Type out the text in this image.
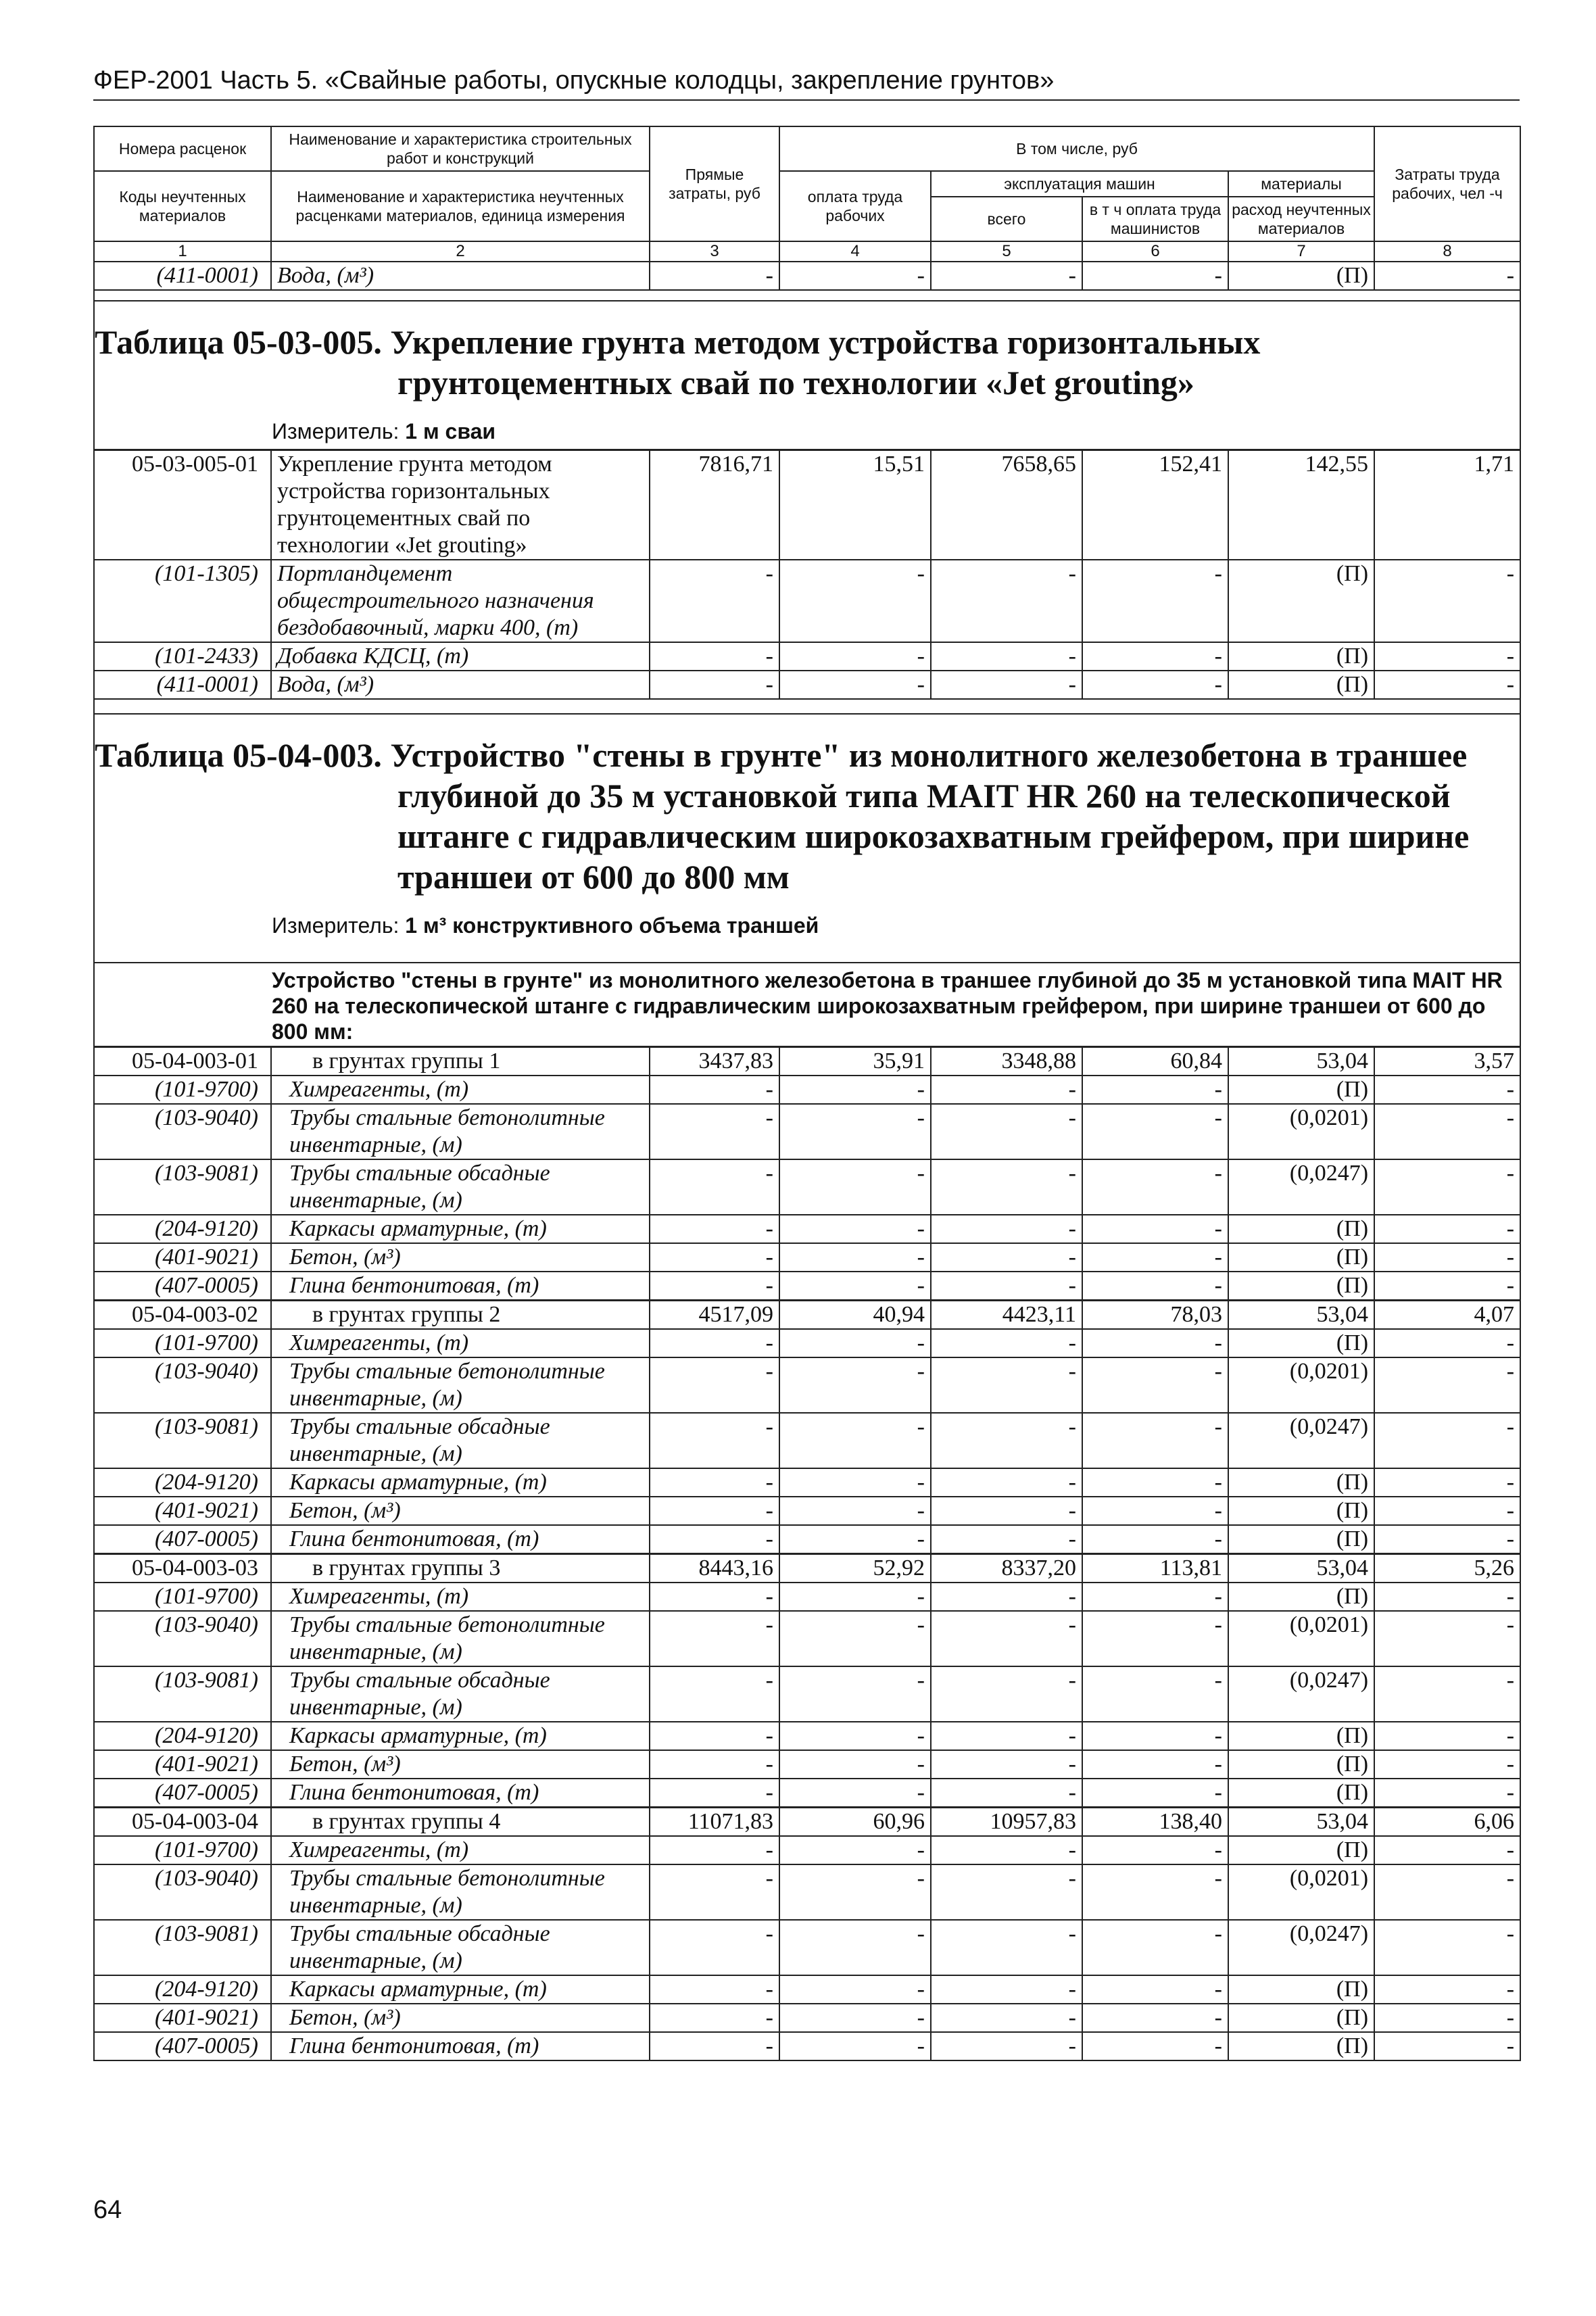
ФЕР-2001 Часть 5. «Свайные работы, опускные колодцы, закрепление грунтов»
Номера расценок	Наименование и характеристика строительных работ и конструкций	Прямые затраты, руб	В том числе, руб				Затраты труда рабочих, чел -ч
Коды неучтенных материалов	Наименование и характеристика неучтенных расценками материалов, единица измерения		оплата труда рабочих	эксплуатация машин		материалы	
				всего	в т ч оплата труда машинистов	расход неучтенных материалов	
1	2	3	4	5	6	7	8
(411-0001)	Вода, (м³)	-	-	-	-	(П)	-

Таблица 05-03-005. Укрепление грунта методом устройства горизонтальных
грунтоцементных свай по технологии «Jet grouting»
Измеритель: 1 м сваи							

05-03-005-01	Укрепление грунта методом устройства горизонтальных грунтоцементных свай по технологии «Jet grouting»	7816,71	15,51	7658,65	152,41	142,55	1,71
(101-1305)	Портландцемент общестроительного назначения бездобавочный, марки 400, (т)	-	-	-	-	(П)	-
(101-2433)	Добавка КДСЦ, (т)	-	-	-	-	(П)	-
(411-0001)	Вода, (м³)	-	-	-	-	(П)	-

Таблица 05-04-003. Устройство "стены в грунте" из монолитного железобетона в траншее
глубиной до 35 м установкой типа MAIT HR 260 на телескопической штанге с гидравлическим широкозахватным грейфером, при ширине траншеи от 600 до 800 мм
Измеритель: 1 м³ конструктивного объема траншей							

Устройство "стены в грунте" из монолитного железобетона в траншее глубиной до 35 м установкой типа MAIT HR 260 на телескопической штанге с гидравлическим широкозахватным грейфером, при ширине траншеи от 600 до 800 мм:							
05-04-003-01	в грунтах группы 1	3437,83	35,91	3348,88	60,84	53,04	3,57
(101-9700)	Химреагенты, (т)	-	-	-	-	(П)	-
(103-9040)	Трубы стальные бетонолитные инвентарные, (м)	-	-	-	-	(0,0201)	-
(103-9081)	Трубы стальные обсадные инвентарные, (м)	-	-	-	-	(0,0247)	-
(204-9120)	Каркасы арматурные, (т)	-	-	-	-	(П)	-
(401-9021)	Бетон, (м³)	-	-	-	-	(П)	-
(407-0005)	Глина бентонитовая, (т)	-	-	-	-	(П)	-
05-04-003-02	в грунтах группы 2	4517,09	40,94	4423,11	78,03	53,04	4,07
(101-9700)	Химреагенты, (т)	-	-	-	-	(П)	-
(103-9040)	Трубы стальные бетонолитные инвентарные, (м)	-	-	-	-	(0,0201)	-
(103-9081)	Трубы стальные обсадные инвентарные, (м)	-	-	-	-	(0,0247)	-
(204-9120)	Каркасы арматурные, (т)	-	-	-	-	(П)	-
(401-9021)	Бетон, (м³)	-	-	-	-	(П)	-
(407-0005)	Глина бентонитовая, (т)	-	-	-	-	(П)	-
05-04-003-03	в грунтах группы 3	8443,16	52,92	8337,20	113,81	53,04	5,26
(101-9700)	Химреагенты, (т)	-	-	-	-	(П)	-
(103-9040)	Трубы стальные бетонолитные инвентарные, (м)	-	-	-	-	(0,0201)	-
(103-9081)	Трубы стальные обсадные инвентарные, (м)	-	-	-	-	(0,0247)	-
(204-9120)	Каркасы арматурные, (т)	-	-	-	-	(П)	-
(401-9021)	Бетон, (м³)	-	-	-	-	(П)	-
(407-0005)	Глина бентонитовая, (т)	-	-	-	-	(П)	-
05-04-003-04	в грунтах группы 4	11071,83	60,96	10957,83	138,40	53,04	6,06
(101-9700)	Химреагенты, (т)	-	-	-	-	(П)	-
(103-9040)	Трубы стальные бетонолитные инвентарные, (м)	-	-	-	-	(0,0201)	-
(103-9081)	Трубы стальные обсадные инвентарные, (м)	-	-	-	-	(0,0247)	-
(204-9120)	Каркасы арматурные, (т)	-	-	-	-	(П)	-
(401-9021)	Бетон, (м³)	-	-	-	-	(П)	-
(407-0005)	Глина бентонитовая, (т)	-	-	-	-	(П)	-
64
